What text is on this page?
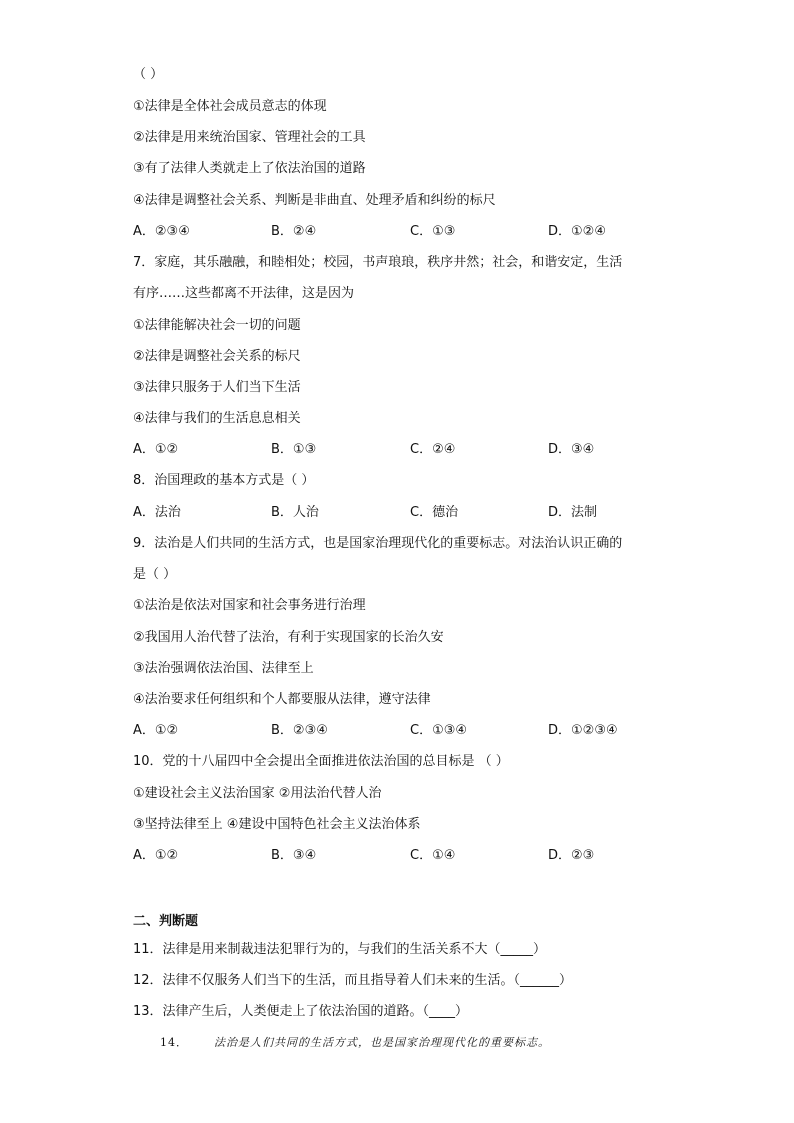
（ ）
①法律是全体社会成员意志的体现
②法律是用来统治国家、管理社会的工具
③有了法律人类就走上了依法治国的道路
④法律是调整社会关系、判断是非曲直、处理矛盾和纠纷的标尺
A．②③④	B．②④	C．①③	D．①②④
7．家庭，其乐融融，和睦相处；校园，书声琅琅，秩序井然；社会，和谐安定，生活
有序……这些都离不开法律，这是因为
①法律能解决社会一切的问题
②法律是调整社会关系的标尺
③法律只服务于人们当下生活
④法律与我们的生活息息相关
A．①②	B．①③	C．②④	D．③④
8．治国理政的基本方式是（ ）
A．法治	B．人治	C．德治	D．法制
9．法治是人们共同的生活方式，也是国家治理现代化的重要标志。对法治认识正确的
是（ ）
①法治是依法对国家和社会事务进行治理
②我国用人治代替了法治，有利于实现国家的长治久安
③法治强调依法治国、法律至上
④法治要求任何组织和个人都要服从法律，遵守法律
A．①②	B．②③④	C．①③④	D．①②③④
10．党的十八届四中全会提出全面推进依法治国的总目标是 （ ）
①建设社会主义法治国家 ②用法治代替人治
③坚持法律至上 ④建设中国特色社会主义法治体系
A．①②	B．③④	C．①④	D．②③
二、判断题
11．法律是用来制裁违法犯罪行为的，与我们的生活关系不大（_____）
12．法律不仅服务人们当下的生活，而且指导着人们未来的生活。（______）
13．法律产生后，人类便走上了依法治国的道路。（____）
14． 法治是人们共同的生活方式，也是国家治理现代化的重要标志。
